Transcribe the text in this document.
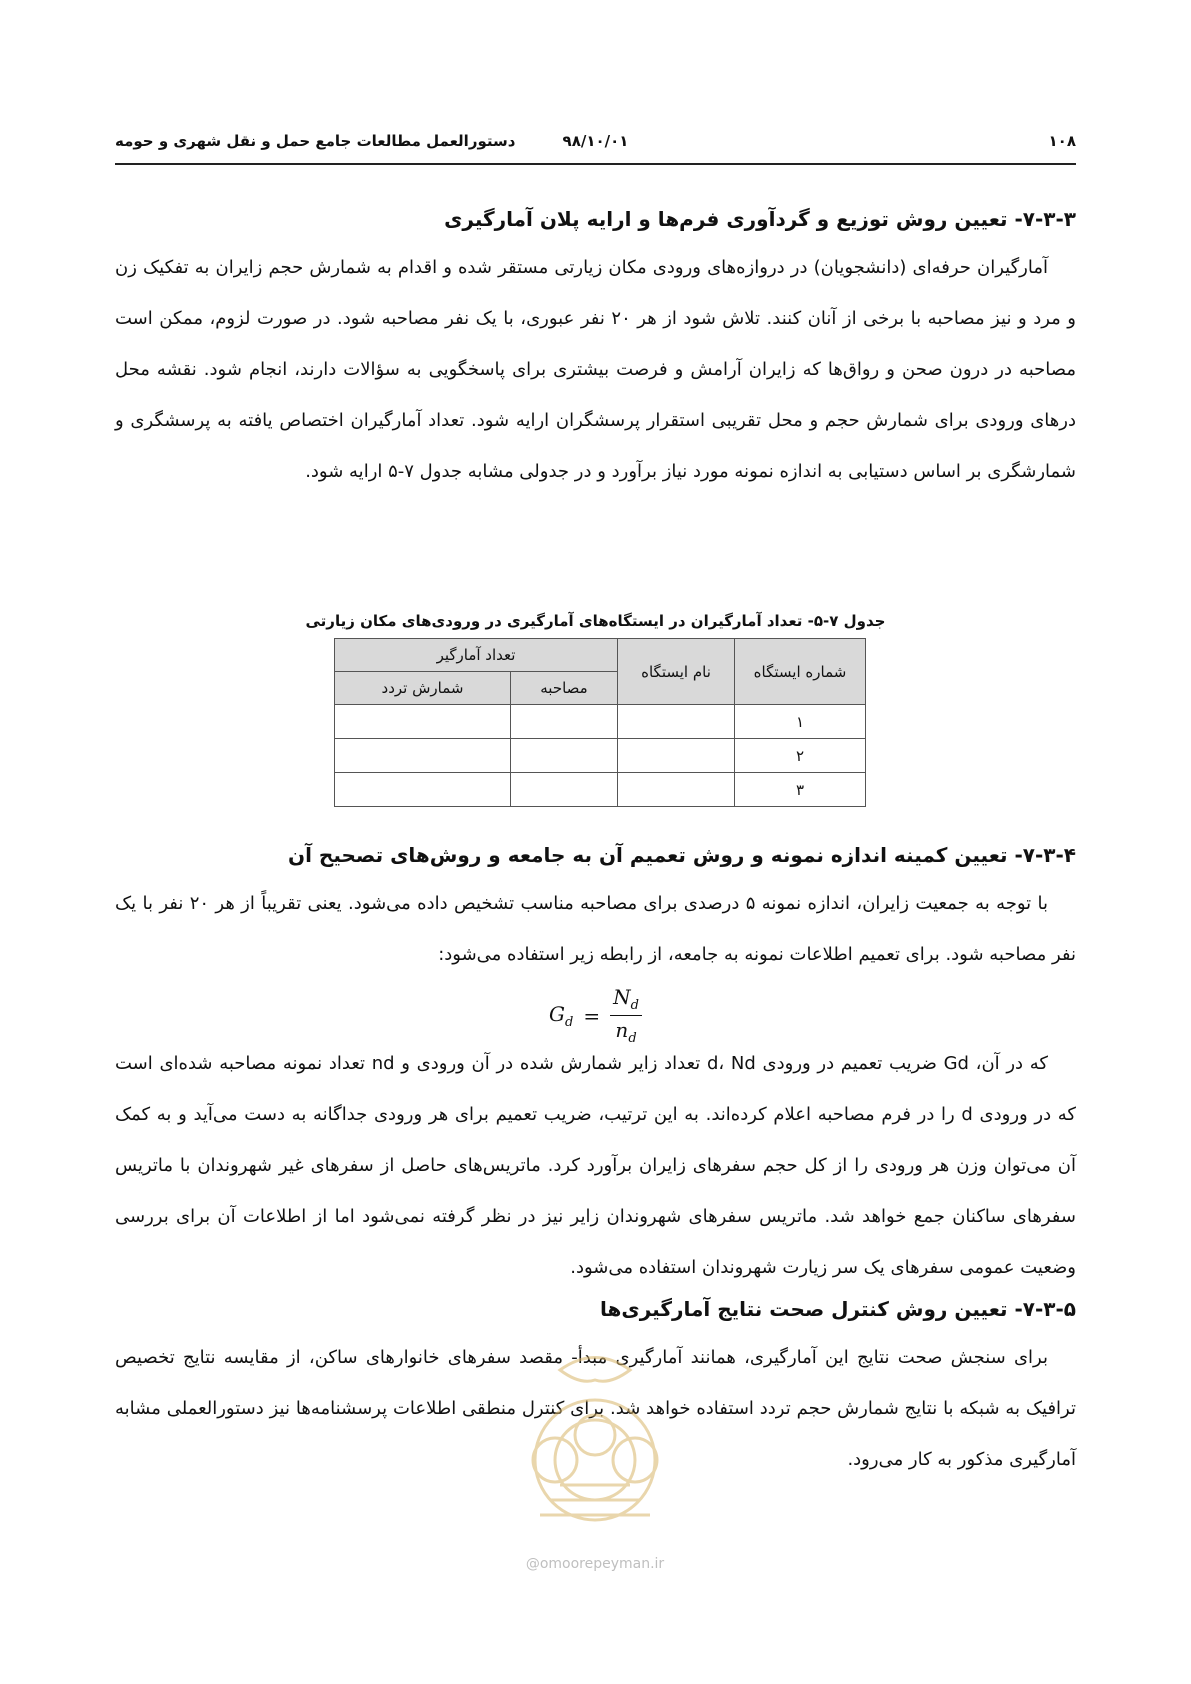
۱۰۸
۹۸/۱۰/۰۱
دستورالعمل مطالعات جامع حمل و نقل شهری و حومه
۷-۳-۳- تعیین روش توزیع و گردآوری فرم‌ها و ارایه پلان آمارگیری

آمارگیران حرفه‌ای (دانشجویان) در دروازه‌های ورودی مکان زیارتی مستقر شده و اقدام به شمارش حجم زایران به تفکیک زن و مرد و نیز مصاحبه با برخی از آنان کنند. تلاش شود از هر ۲۰ نفر عبوری، با یک نفر مصاحبه شود. در صورت لزوم، ممکن است مصاحبه در درون صحن و رواق‌ها که زایران آرامش و فرصت بیشتری برای پاسخگویی به سؤالات دارند، انجام شود. نقشه محل درهای ورودی برای شمارش حجم و محل تقریبی استقرار پرسشگران ارایه شود. تعداد آمارگیران اختصاص یافته به پرسشگری و شمارشگری بر اساس دستیابی به اندازه نمونه مورد نیاز برآورد و در جدولی مشابه جدول ۷-۵ ارایه شود.

جدول ۷-۵- تعداد آمارگیران در ایستگاه‌های آمارگیری در ورودی‌های مکان زیارتی
شماره ایستگاه	نام ایستگاه	تعداد آمارگیر	
		مصاحبه	شمارش تردد
۱			
۲			
۳			
۷-۳-۴- تعیین کمینه اندازه نمونه و روش تعمیم آن به جامعه و روش‌های تصحیح آن

با توجه به جمعیت زایران، اندازه نمونه ۵ درصدی برای مصاحبه مناسب تشخیص داده می‌شود. یعنی تقریباً از هر ۲۰ نفر با یک نفر مصاحبه شود. برای تعمیم اطلاعات نمونه به جامعه، از رابطه زیر استفاده می‌شود:

$G_d = \frac{N_d}{n_d}$

که در آن، Gd ضریب تعمیم در ورودی d، Nd تعداد زایر شمارش شده در آن ورودی و nd تعداد نمونه مصاحبه شده‌ای است که در ورودی d را در فرم مصاحبه اعلام کرده‌اند. به این ترتیب، ضریب تعمیم برای هر ورودی جداگانه به دست می‌آید و به کمک آن می‌توان وزن هر ورودی را از کل حجم سفرهای زایران برآورد کرد. ماتریس‌های حاصل از سفرهای غیر شهروندان با ماتریس سفرهای ساکنان جمع خواهد شد. ماتریس سفرهای شهروندان زایر نیز در نظر گرفته نمی‌شود اما از اطلاعات آن برای بررسی وضعیت عمومی سفرهای یک سر زیارت شهروندان استفاده می‌شود.

۷-۳-۵- تعیین روش کنترل صحت نتایج آمارگیری‌ها

برای سنجش صحت نتایج این آمارگیری، همانند آمارگیری مبدأ- مقصد سفرهای خانوارهای ساکن، از مقایسه نتایج تخصیص ترافیک به شبکه با نتایج شمارش حجم تردد استفاده خواهد شد. برای کنترل منطقی اطلاعات پرسشنامه‌ها نیز دستورالعملی مشابه آمارگیری مذکور به کار می‌رود.

@omoorepeyman.ir
